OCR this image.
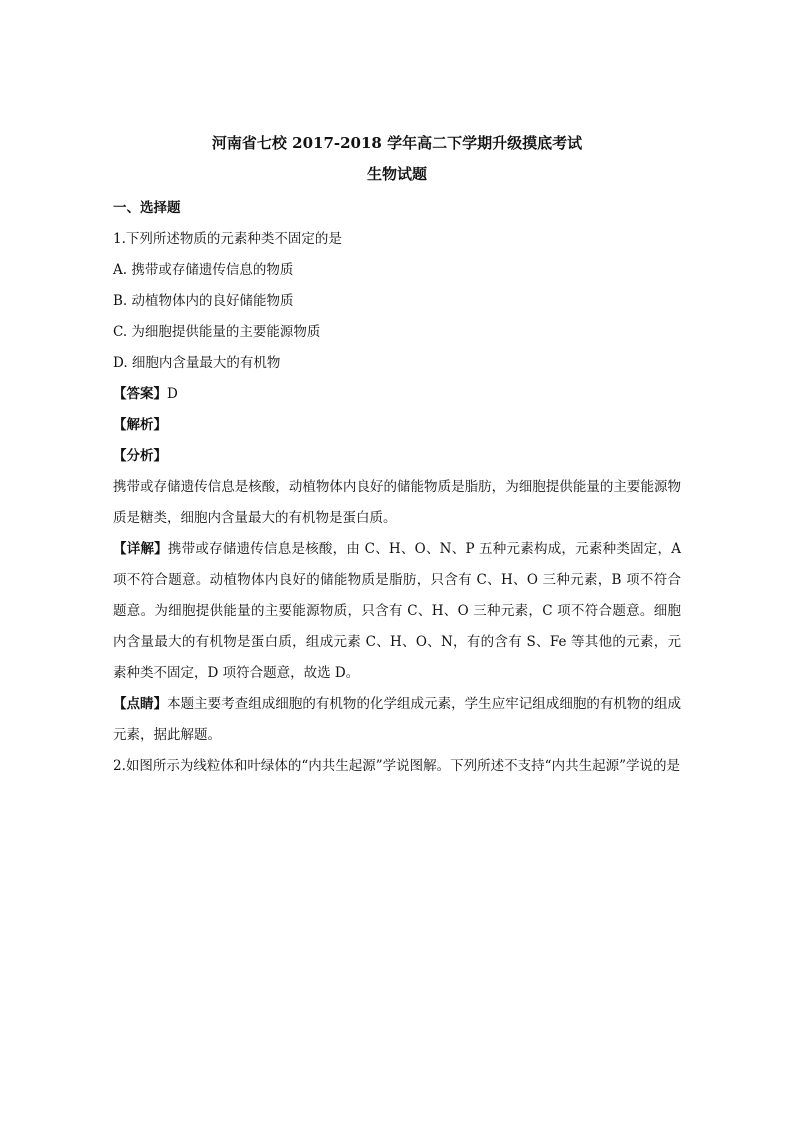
河南省七校 2017-2018 学年高二下学期升级摸底考试
生物试题
一、选择题
1.下列所述物质的元素种类不固定的是
A. 携带或存储遗传信息的物质
B. 动植物体内的良好储能物质
C. 为细胞提供能量的主要能源物质
D. 细胞内含量最大的有机物
【答案】D
【解析】
【分析】
携带或存储遗传信息是核酸，动植物体内良好的储能物质是脂肪，为细胞提供能量的主要能源物质是糖类，细胞内含量最大的有机物是蛋白质。
【详解】携带或存储遗传信息是核酸，由 C、H、O、N、P 五种元素构成，元素种类固定，A 项不符合题意。动植物体内良好的储能物质是脂肪，只含有 C、H、O 三种元素，B 项不符合题意。为细胞提供能量的主要能源物质，只含有 C、H、O 三种元素，C 项不符合题意。细胞内含量最大的有机物是蛋白质，组成元素 C、H、O、N，有的含有 S、Fe 等其他的元素，元素种类不固定，D 项符合题意，故选 D。
【点睛】本题主要考查组成细胞的有机物的化学组成元素，学生应牢记组成细胞的有机物的组成元素，据此解题。
2.如图所示为线粒体和叶绿体的“内共生起源”学说图解。下列所述不支持“内共生起源”学说的是
